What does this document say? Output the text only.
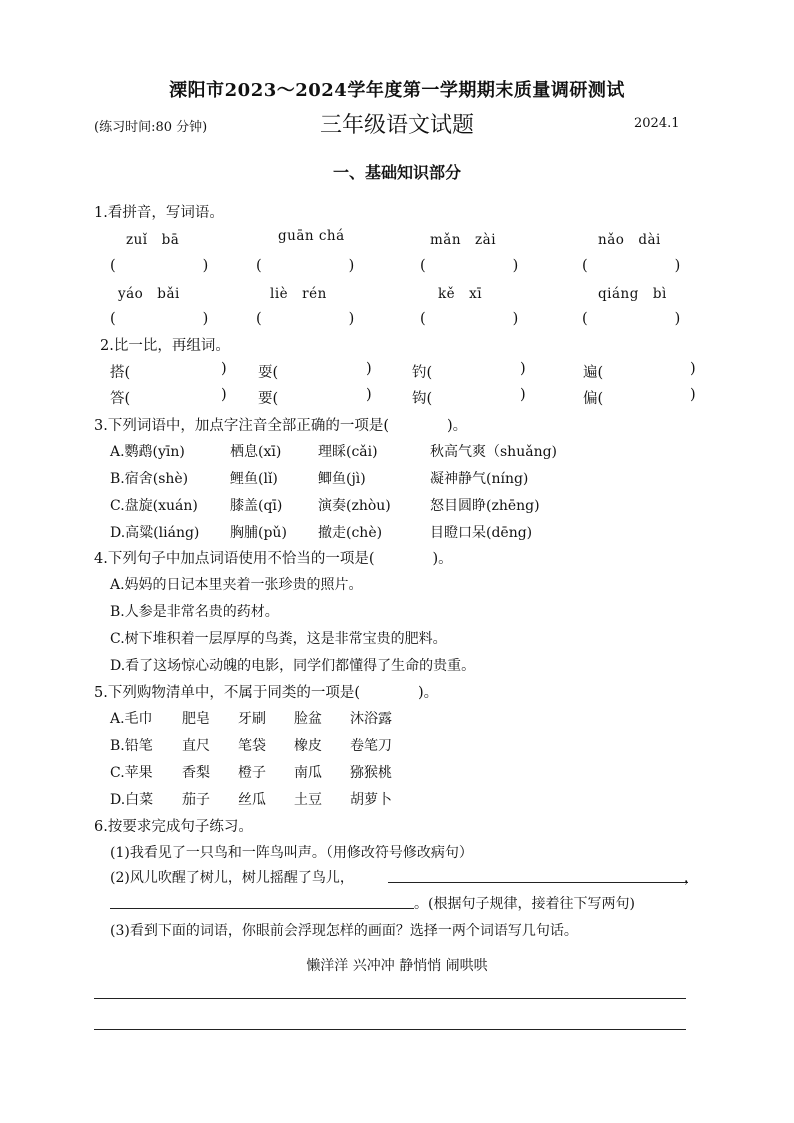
溧阳市2023～2024学年度第一学期期末质量调研测试
(练习时间:80 分钟)	三年级语文试题	2024.1
一、基础知识部分
1.看拼音，写词语。
zuǐ　bā	guān chá	mǎn　zài	nǎo　dài
(　　　　　　)	(　　　　　　)	(　　　　　　)	(　　　　　　)
yáo　bǎi	liè　rén	kě　xī	qiáng　bì
(　　　　　　)	(　　　　　　)	(　　　　　　)	(　　　　　　)
2.比一比，再组词。
搭(	) 耍(	)	钓(	)	遍(	)
答(	) 要(	)	钩(	)	偏(	)
3.下列词语中，加点字注音全部正确的一项是(　　　　)。
A.鹦鹉(yīn)	栖息(xī)	理睬(cǎi)	秋高气爽（shuǎng)
B.宿舍(shè)	鲤鱼(lǐ)	鲫鱼(jì)	凝神静气(níng)
C.盘旋(xuán) 膝盖(qī)	演奏(zhòu)	怒目圆睁(zhēng)
D.高粱(liáng) 胸脯(pǔ) 撤走(chè)	目瞪口呆(dēng)
4.下列句子中加点词语使用不恰当的一项是(　　　　)。
A.妈妈的日记本里夹着一张珍贵的照片。
B.人参是非常名贵的药材。
C.树下堆积着一层厚厚的鸟粪，这是非常宝贵的肥料。
D.看了这场惊心动魄的电影，同学们都懂得了生命的贵重。
5.下列购物清单中，不属于同类的一项是(　　　　)。
A.毛巾 肥皂 牙刷 脸盆 沐浴露
B.铅笔 直尺 笔袋 橡皮 卷笔刀
C.苹果 香梨 橙子 南瓜 猕猴桃
D.白菜 茄子 丝瓜 土豆 胡萝卜
6.按要求完成句子练习。
(1)我看见了一只鸟和一阵鸟叫声。（用修改符号修改病句）
(2)风儿吹醒了树儿，树儿摇醒了鸟儿，	，
。(根据句子规律，接着往下写两句)
(3)看到下面的词语，你眼前会浮现怎样的画面？选择一两个词语写几句话。
懒洋洋 兴冲冲 静悄悄 闹哄哄
